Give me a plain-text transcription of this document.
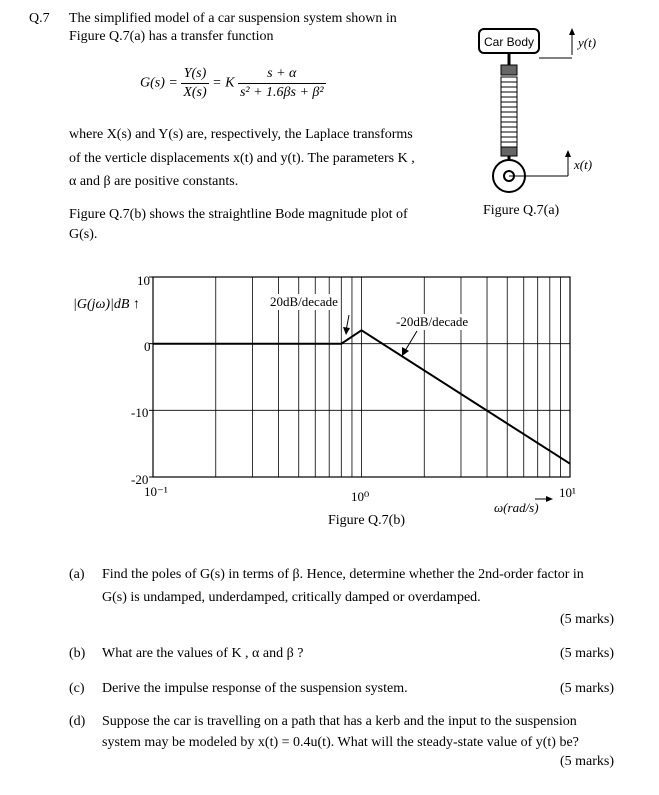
Q.7 The simplified model of a car suspension system shown in
Figure Q.7(a) has a transfer function
$G(s) = \frac{Y(s)}{X(s)} = K \frac{s + \alpha}{\text{s² + 1.6βs + β²}}$
where X(s) and Y(s) are, respectively, the Laplace transforms
of the verticle displacements x(t) and y(t). The parameters K ,
α and β are positive constants.
Figure Q.7(b) shows the straightline Bode magnitude plot of
G(s).
Car Body	y(t)
x(t)
Figure Q.7(a)
|G(jω)|dB ↑
10
0
-10
-20
10⁻¹	10⁰	10¹
ω(rad/s)
20dB/decade
-20dB/decade
Figure Q.7(b)
(a) Find the poles of G(s) in terms of β. Hence, determine whether the 2nd-order factor in
G(s) is undamped, underdamped, critically damped or overdamped.
(5 marks)
(b) What are the values of K , α and β ?	(5 marks)
(c) Derive the impulse response of the suspension system.	(5 marks)
(d) Suppose the car is travelling on a path that has a kerb and the input to the suspension
system may be modeled by x(t) = 0.4u(t). What will the steady-state value of y(t) be?
(5 marks)
